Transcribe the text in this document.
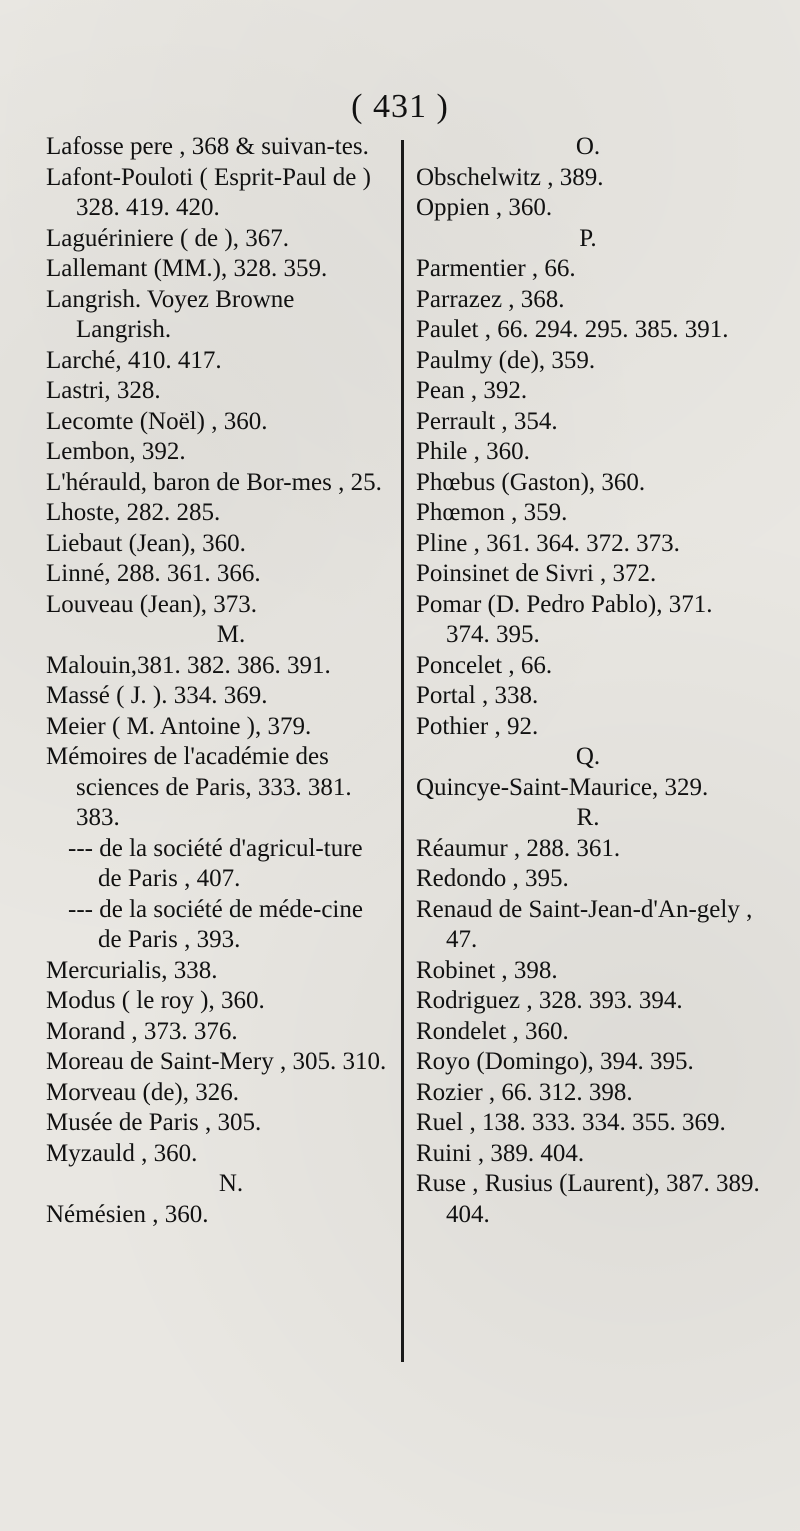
( 431 )

Lafosse pere , 368 & suivan-tes.

Lafont-Pouloti ( Esprit-Paul de ) 328. 419. 420.

Laguériniere ( de ), 367.

Lallemant (MM.), 328. 359.

Langrish. Voyez Browne Langrish.

Larché, 410. 417.

Lastri, 328.

Lecomte (Noël) , 360.

Lembon, 392.

L'hérauld, baron de Bor-mes , 25.

Lhoste, 282. 285.

Liebaut (Jean), 360.

Linné, 288. 361. 366.

Louveau (Jean), 373.

M.

Malouin,381. 382. 386. 391.

Massé ( J. ). 334. 369.

Meier ( M. Antoine ), 379.

Mémoires de l'académie des sciences de Paris, 333. 381. 383.

--- de la société d'agricul-ture de Paris , 407.

--- de la société de méde-cine de Paris , 393.

Mercurialis, 338.

Modus ( le roy ), 360.

Morand , 373. 376.

Moreau de Saint-Mery , 305. 310.

Morveau (de), 326.

Musée de Paris , 305.

Myzauld , 360.

N.

Némésien , 360.

O.

Obschelwitz , 389.

Oppien , 360.

P.

Parmentier , 66.

Parrazez , 368.

Paulet , 66. 294. 295. 385. 391.

Paulmy (de), 359.

Pean , 392.

Perrault , 354.

Phile , 360.

Phœbus (Gaston), 360.

Phœmon , 359.

Pline , 361. 364. 372. 373.

Poinsinet de Sivri , 372.

Pomar (D. Pedro Pablo), 371. 374. 395.

Poncelet , 66.

Portal , 338.

Pothier , 92.

Q.

Quincye-Saint-Maurice, 329.

R.

Réaumur , 288. 361.

Redondo , 395.

Renaud de Saint-Jean-d'An-gely , 47.

Robinet , 398.

Rodriguez , 328. 393. 394.

Rondelet , 360.

Royo (Domingo), 394. 395.

Rozier , 66. 312. 398.

Ruel , 138. 333. 334. 355. 369.

Ruini , 389. 404.

Ruse , Rusius (Laurent), 387. 389. 404.
